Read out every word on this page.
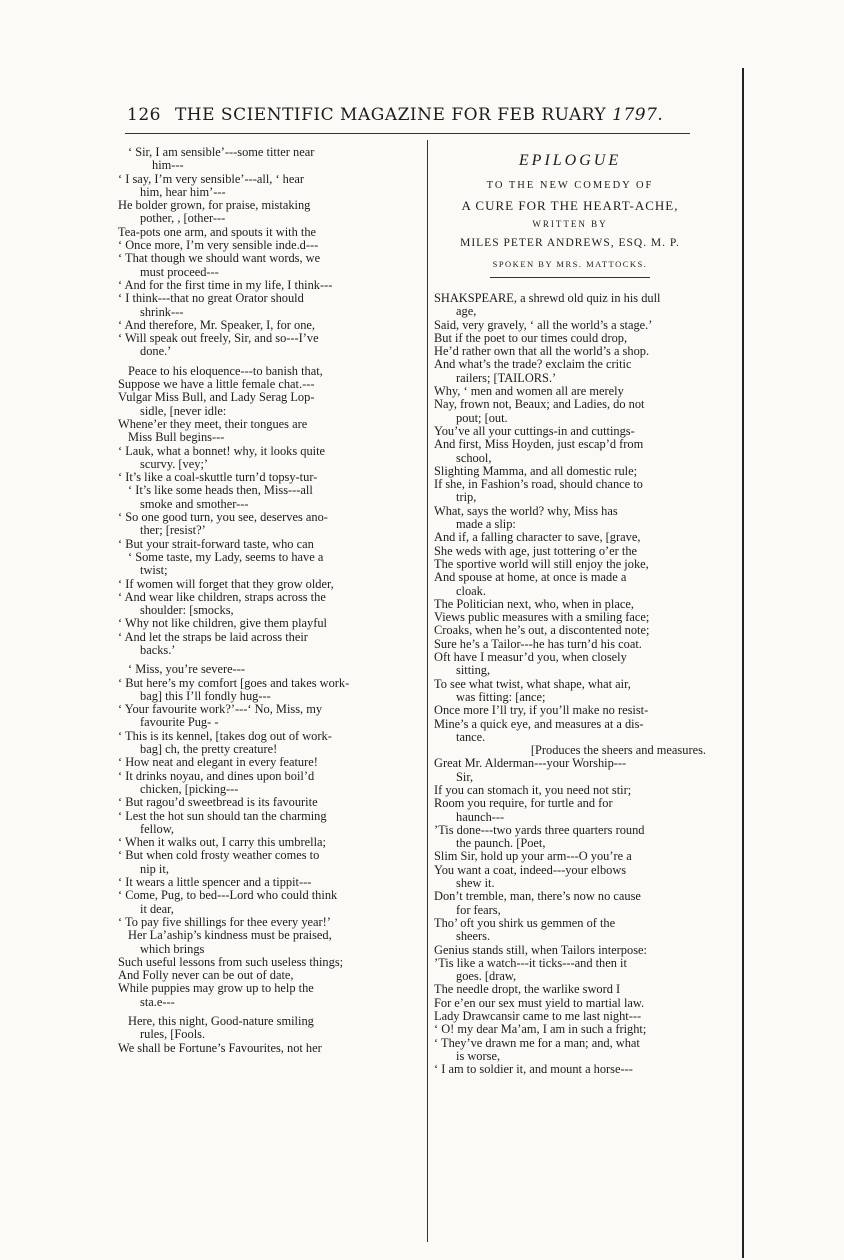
126 THE SCIENTIFIC MAGAZINE FOR FEB RUARY 1797.
‘ Sir, I am sensible’---some titter near
him---
‘ I say, I’m very sensible’---all, ‘ hear
him, hear him’---
He bolder grown, for praise, mistaking
pother, , [other---
Tea-pots one arm, and spouts it with the
‘ Once more, I’m very sensible inde.d---
‘ That though we should want words, we
must proceed---
‘ And for the first time in my life, I think---
‘ I think---that no great Orator should
shrink---
‘ And therefore, Mr. Speaker, I, for one,
‘ Will speak out freely, Sir, and so---I’ve
done.’
Peace to his eloquence---to banish that,
Suppose we have a little female chat.---
Vulgar Miss Bull, and Lady Serag Lop-
sidle, [never idle:
Whene’er they meet, their tongues are
Miss Bull begins---
‘ Lauk, what a bonnet! why, it looks quite
scurvy. [vey;’
‘ It’s like a coal-skuttle turn’d topsy-tur-
‘ It’s like some heads then, Miss---all
smoke and smother---
‘ So one good turn, you see, deserves ano-
ther; [resist?’
‘ But your strait-forward taste, who can
‘ Some taste, my Lady, seems to have a
twist;
‘ If women will forget that they grow older,
‘ And wear like children, straps across the
shoulder: [smocks,
‘ Why not like children, give them playful
‘ And let the straps be laid across their
backs.’
‘ Miss, you’re severe---
‘ But here’s my comfort [goes and takes work-
bag] this I’ll fondly hug---
‘ Your favourite work?’---‘ No, Miss, my
favourite Pug- -
‘ This is its kennel, [takes dog out of work-
bag] ch, the pretty creature!
‘ How neat and elegant in every feature!
‘ It drinks noyau, and dines upon boil’d
chicken, [picking---
‘ But ragou’d sweetbread is its favourite
‘ Lest the hot sun should tan the charming
fellow,
‘ When it walks out, I carry this umbrella;
‘ But when cold frosty weather comes to
nip it,
‘ It wears a little spencer and a tippit---
‘ Come, Pug, to bed---Lord who could think
it dear,
‘ To pay five shillings for thee every year!’
Her La’aship’s kindness must be praised,
which brings
Such useful lessons from such useless things;
And Folly never can be out of date,
While puppies may grow up to help the
sta.e---
Here, this night, Good-nature smiling
rules, [Fools.
We shall be Fortune’s Favourites, not her
EPILOGUE
TO THE NEW COMEDY OF
A CURE FOR THE HEART-ACHE,
WRITTEN BY
MILES PETER ANDREWS, ESQ. M. P.
SPOKEN BY MRS. MATTOCKS.
SHAKSPEARE, a shrewd old quiz in his dull
age,
Said, very gravely, ‘ all the world’s a stage.’
But if the poet to our times could drop,
He’d rather own that all the world’s a shop.
And what’s the trade? exclaim the critic
railers; [TAILORS.’
Why, ‘ men and women all are merely
Nay, frown not, Beaux; and Ladies, do not
pout; [out.
You’ve all your cuttings-in and cuttings-
And first, Miss Hoyden, just escap’d from
school,
Slighting Mamma, and all domestic rule;
If she, in Fashion’s road, should chance to
trip,
What, says the world? why, Miss has
made a slip:
And if, a falling character to save, [grave,
She weds with age, just tottering o’er the
The sportive world will still enjoy the joke,
And spouse at home, at once is made a
cloak.
The Politician next, who, when in place,
Views public measures with a smiling face;
Croaks, when he’s out, a discontented note;
Sure he’s a Tailor---he has turn’d his coat.
Oft have I measur’d you, when closely
sitting,
To see what twist, what shape, what air,
was fitting: [ance;
Once more I’ll try, if you’ll make no resist-
Mine’s a quick eye, and measures at a dis-
tance.
[Produces the sheers and measures.
Great Mr. Alderman---your Worship---
Sir,
If you can stomach it, you need not stir;
Room you require, for turtle and for
haunch---
’Tis done---two yards three quarters round
the paunch. [Poet,
Slim Sir, hold up your arm---O you’re a
You want a coat, indeed---your elbows
shew it.
Don’t tremble, man, there’s now no cause
for fears,
Tho’ oft you shirk us gemmen of the
sheers.
Genius stands still, when Tailors interpose:
’Tis like a watch---it ticks---and then it
goes. [draw,
The needle dropt, the warlike sword I
For e’en our sex must yield to martial law.
Lady Drawcansir came to me last night---
‘ O! my dear Ma’am, I am in such a fright;
‘ They’ve drawn me for a man; and, what
is worse,
‘ I am to soldier it, and mount a horse---
